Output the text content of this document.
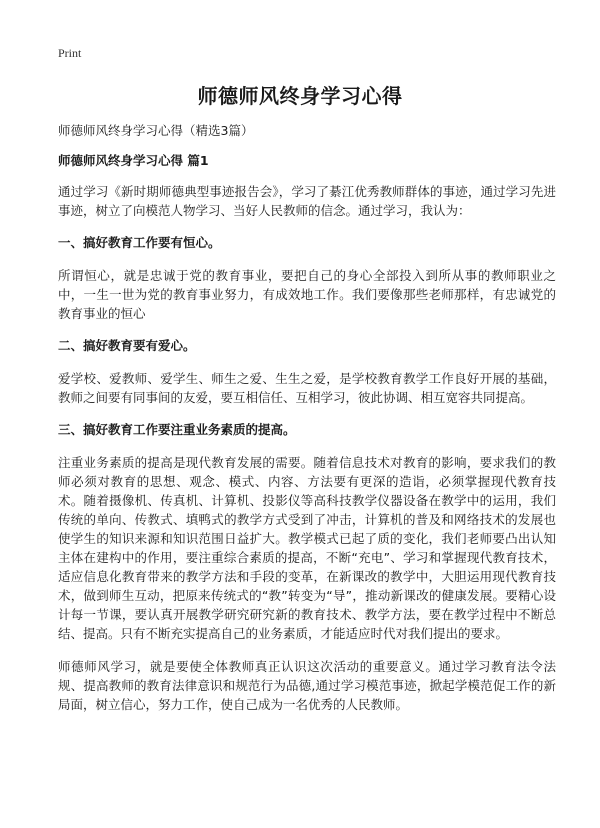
Print
师德师风终身学习心得
师德师风终身学习心得（精选3篇）
师德师风终身学习心得 篇1

通过学习《新时期师德典型事迹报告会》，学习了綦江优秀教师群体的事迹，通过学习先进事迹，树立了向模范人物学习、当好人民教师的信念。通过学习，我认为：

一、搞好教育工作要有恒心。

所谓恒心，就是忠诚于党的教育事业，要把自己的身心全部投入到所从事的教师职业之中，一生一世为党的教育事业努力，有成效地工作。我们要像那些老师那样，有忠诚党的教育事业的恒心

二、搞好教育要有爱心。

爱学校、爱教师、爱学生、师生之爱、生生之爱，是学校教育教学工作良好开展的基础，教师之间要有同事间的友爱，要互相信任、互相学习，彼此协调、相互宽容共同提高。

三、搞好教育工作要注重业务素质的提高。

注重业务素质的提高是现代教育发展的需要。随着信息技术对教育的影响，要求我们的教师必须对教育的思想、观念、模式、内容、方法要有更深的造诣，必须掌握现代教育技术。随着摄像机、传真机、计算机、投影仪等高科技教学仪器设备在教学中的运用，我们传统的单向、传教式、填鸭式的教学方式受到了冲击，计算机的普及和网络技术的发展也使学生的知识来源和知识范围日益扩大。教学模式已起了质的变化，我们老师要凸出认知主体在建构中的作用，要注重综合素质的提高，不断“充电”、学习和掌握现代教育技术，适应信息化教育带来的教学方法和手段的变革，在新课改的教学中，大胆运用现代教育技术，做到师生互动，把原来传统式的“教”转变为“导”，推动新课改的健康发展。要精心设计每一节课，要认真开展教学研究研究新的教育技术、教学方法，要在教学过程中不断总结、提高。只有不断充实提高自己的业务素质，才能适应时代对我们提出的要求。

师德师风学习，就是要使全体教师真正认识这次活动的重要意义。通过学习教育法令法规、提高教师的教育法律意识和规范行为品德,通过学习模范事迹，掀起学模范促工作的新局面，树立信心，努力工作，使自己成为一名优秀的人民教师。
